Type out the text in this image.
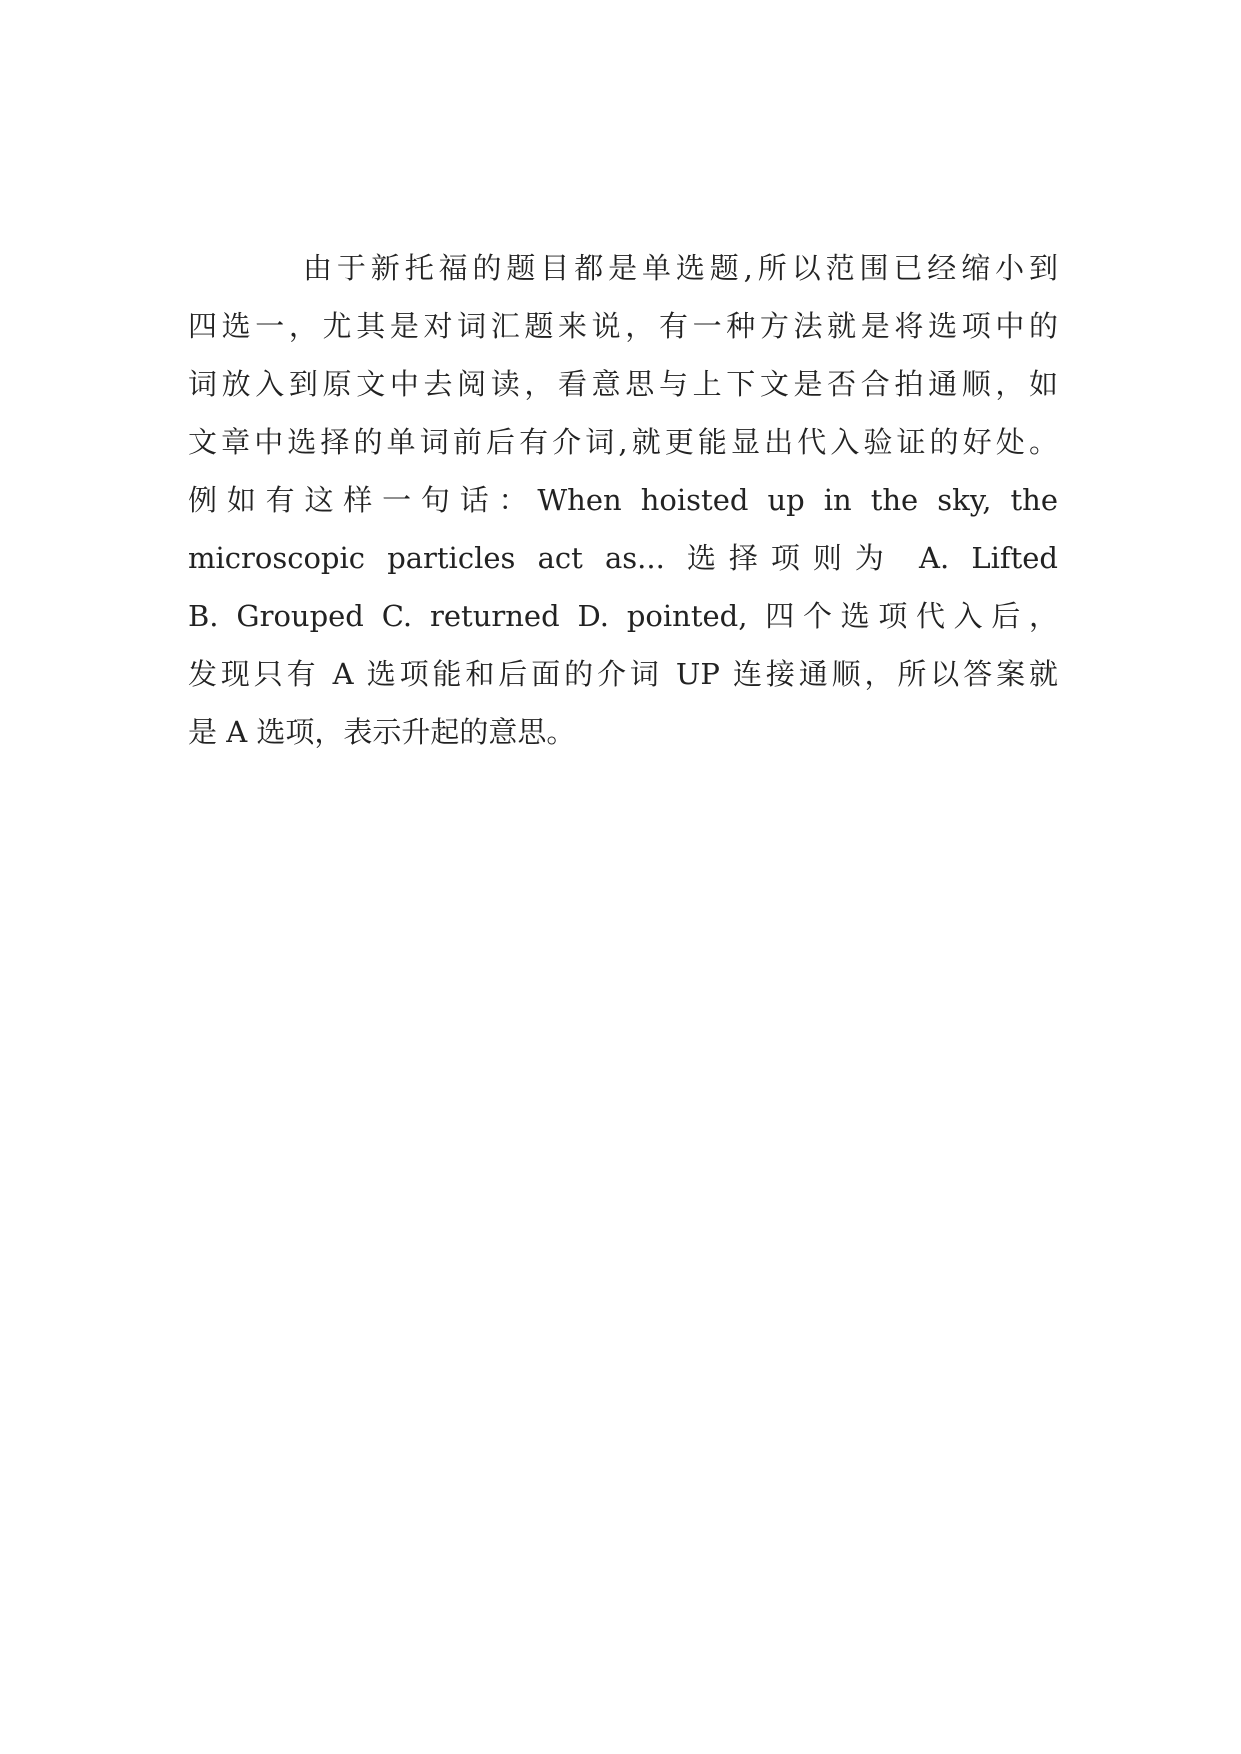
由于新托福的题目都是单选题,所以范围已经缩小到
四选一，尤其是对词汇题来说，有一种方法就是将选项中的
词放入到原文中去阅读，看意思与上下文是否合拍通顺，如
文章中选择的单词前后有介词,就更能显出代入验证的好处。
例如有这样一句话：When hoisted up in the sky, the
microscopic particles act as... 选择项则为 A. Lifted
B. Grouped C. returned D. pointed, 四个选项代入后，
发现只有 A 选项能和后面的介词 UP 连接通顺，所以答案就
是 A 选项，表示升起的意思。
